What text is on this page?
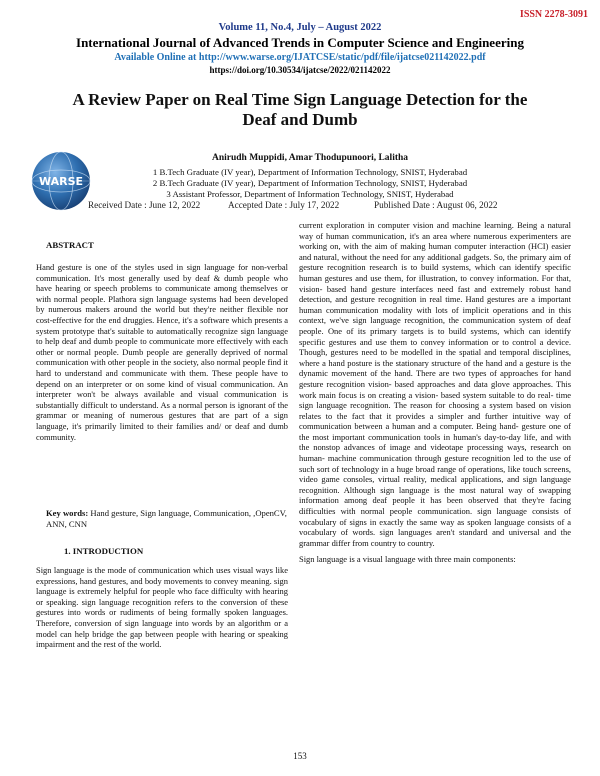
ISSN 2278-3091
Volume 11, No.4, July – August 2022
International Journal of Advanced Trends in Computer Science and Engineering
Available Online at http://www.warse.org/IJATCSE/static/pdf/file/ijatcse021142022.pdf
https://doi.org/10.30534/ijatcse/2022/021142022
A Review Paper on Real Time Sign Language Detection for the Deaf and Dumb
WARSE
Anirudh Muppidi, Amar Thodupunoori, Lalitha
1 B.Tech Graduate (IV year), Department of Information Technology, SNIST, Hyderabad
2 B.Tech Graduate (IV year), Department of Information Technology, SNIST, Hyderabad
3 Assistant Professor, Department of Information Technology, SNIST, Hyderabad
Received Date : June 12, 2022	Accepted Date : July 17, 2022	Published Date : August 06, 2022
ABSTRACT
Hand gesture is one of the styles used in sign language for non-verbal communication. It's most generally used by deaf & dumb people who have hearing or speech problems to communicate among themselves or with normal people. Plathora sign language systems had been developed by numerous makers around the world but they're neither flexible nor cost-effective for the end druggies. Hence, it's a software which presents a system prototype that's suitable to automatically recognize sign language to help deaf and dumb people to communicate more effectively with each other or normal people. Dumb people are generally deprived of normal communication with other people in the society, also normal people find it hard to understand and communicate with them. These people have to depend on an interpreter or on some kind of visual communication. An interpreter won't be always available and visual communication is substantially difficult to understand. As a normal person is ignorant of the grammar or meaning of numerous gestures that are part of a sign language, it's primarily limited to their families and/ or deaf and dumb community.
Key words: Hand gesture, Sign language, Communication, ,OpenCV, ANN, CNN
1. INTRODUCTION
Sign language is the mode of communication which uses visual ways like expressions, hand gestures, and body movements to convey meaning. sign language is extremely helpful for people who face difficulty with hearing or speaking. sign language recognition refers to the conversion of these gestures into words or rudiments of being formally spoken languages. Therefore, conversion of sign language into words by an algorithm or a model can help bridge the gap between people with hearing or speaking impairment and the rest of the world.
current exploration in computer vision and machine learning. Being a natural way of human communication, it's an area where numerous experimenters are working on, with the aim of making human computer interaction (HCI) easier and natural, without the need for any additional gadgets. So, the primary aim of gesture recognition research is to build systems, which can identify specific human gestures and use them, for illustration, to convey information. For that, vision- based hand gesture interfaces need fast and extremely robust hand detection, and gesture recognition in real time. Hand gestures are a important human communication modality with lots of implicit operations and in this context, we've sign language recognition, the communication system of deaf people. One of its primary targets is to build systems, which can identify specific gestures and use them to convey information or to control a device. Though, gestures need to be modelled in the spatial and temporal disciplines, where a hand posture is the stationary structure of the hand and a gesture is the dynamic movement of the hand. There are two types of approaches for hand gesture recognition vision- based approaches and data glove approaches. This work main focus is on creating a vision- based system suitable to do real- time sign language recognition. The reason for choosing a system based on vision relates to the fact that it provides a simpler and further intuitive way of communication between a human and a computer. Being hand- gesture one of the most important communication tools in human's day-to-day life, and with the nonstop advances of image and videotape processing ways, research on human- machine communication through gesture recognition led to the use of such sort of technology in a huge broad range of operations, like touch screens, video game consoles, virtual reality, medical applications, and sign language recognition. Although sign language is the most natural way of swapping information among deaf people it has been observed that they're facing difficulties with normal people communication. sign language consists of vocabulary of signs in exactly the same way as spoken language consists of a vocabulary of words. sign languages aren't standard and universal and the grammar differ from country to country.
Sign language is a visual language with three main components:
153
